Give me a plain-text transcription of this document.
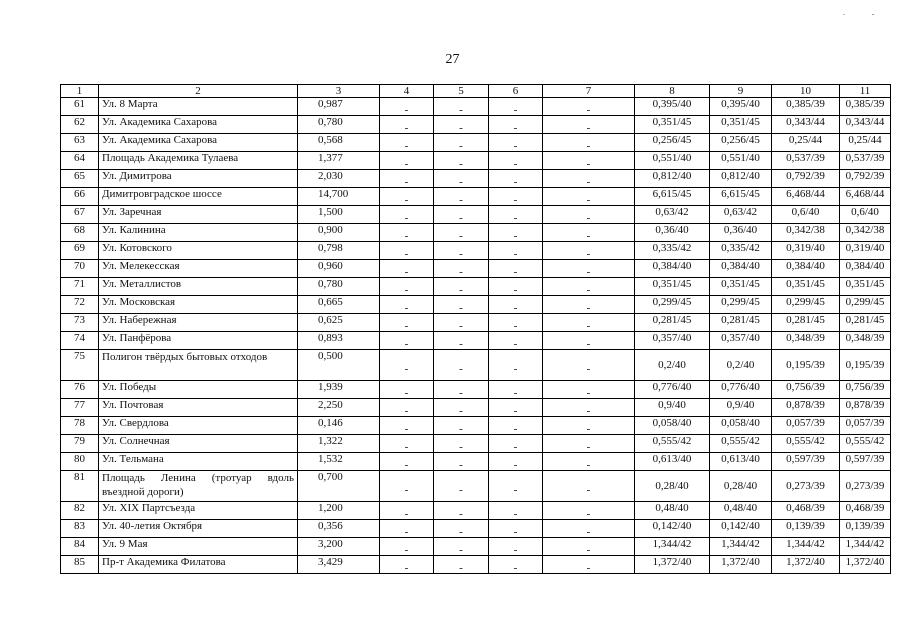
27
1	2	3	4	5	6	7	8	9	10	11
61	Ул. 8 Марта	0,987	-	-	-	-	0,395/40	0,395/40	0,385/39	0,385/39
62	Ул. Академика Сахарова	0,780	-	-	-	-	0,351/45	0,351/45	0,343/44	0,343/44
63	Ул. Академика Сахарова	0,568	-	-	-	-	0,256/45	0,256/45	0,25/44	0,25/44
64	Площадь Академика Тулаева	1,377	-	-	-	-	0,551/40	0,551/40	0,537/39	0,537/39
65	Ул. Димитрова	2,030	-	-	-	-	0,812/40	0,812/40	0,792/39	0,792/39
66	Димитровградское шоссе	14,700	-	-	-	-	6,615/45	6,615/45	6,468/44	6,468/44
67	Ул. Заречная	1,500	-	-	-	-	0,63/42	0,63/42	0,6/40	0,6/40
68	Ул. Калинина	0,900	-	-	-	-	0,36/40	0,36/40	0,342/38	0,342/38
69	Ул. Котовского	0,798	-	-	-	-	0,335/42	0,335/42	0,319/40	0,319/40
70	Ул. Мелекесская	0,960	-	-	-	-	0,384/40	0,384/40	0,384/40	0,384/40
71	Ул. Металлистов	0,780	-	-	-	-	0,351/45	0,351/45	0,351/45	0,351/45
72	Ул. Московская	0,665	-	-	-	-	0,299/45	0,299/45	0,299/45	0,299/45
73	Ул. Набережная	0,625	-	-	-	-	0,281/45	0,281/45	0,281/45	0,281/45
74	Ул. Панфёрова	0,893	-	-	-	-	0,357/40	0,357/40	0,348/39	0,348/39
75	Полигон твёрдых бытовых отходов	0,500	-	-	-	-	0,2/40	0,2/40	0,195/39	0,195/39
76	Ул. Победы	1,939	-	-	-	-	0,776/40	0,776/40	0,756/39	0,756/39
77	Ул. Почтовая	2,250	-	-	-	-	0,9/40	0,9/40	0,878/39	0,878/39
78	Ул. Свердлова	0,146	-	-	-	-	0,058/40	0,058/40	0,057/39	0,057/39
79	Ул. Солнечная	1,322	-	-	-	-	0,555/42	0,555/42	0,555/42	0,555/42
80	Ул. Тельмана	1,532	-	-	-	-	0,613/40	0,613/40	0,597/39	0,597/39
81	Площадь Ленина (тротуар вдоль въездной дороги)	0,700	-	-	-	-	0,28/40	0,28/40	0,273/39	0,273/39
82	Ул. XIX Партсъезда	1,200	-	-	-	-	0,48/40	0,48/40	0,468/39	0,468/39
83	Ул. 40-летия Октября	0,356	-	-	-	-	0,142/40	0,142/40	0,139/39	0,139/39
84	Ул. 9 Мая	3,200	-	-	-	-	1,344/42	1,344/42	1,344/42	1,344/42
85	Пр-т Академика Филатова	3,429	-	-	-	-	1,372/40	1,372/40	1,372/40	1,372/40
